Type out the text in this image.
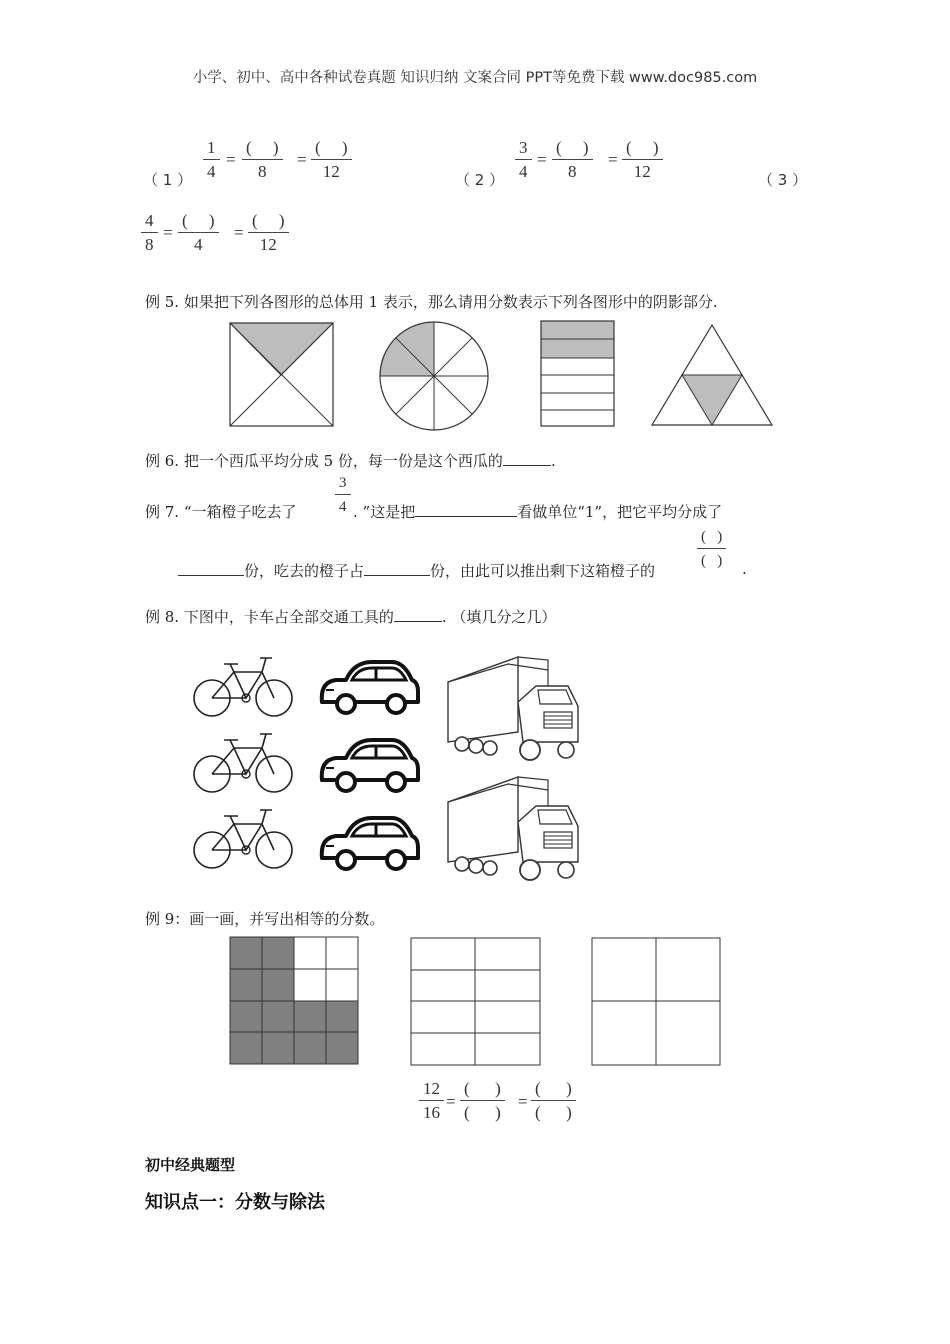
小学、初中、高中各种试卷真题 知识归纳 文案合同 PPT等免费下载 www.doc985.com
（ 1 ） $\frac{1}{4}$ =
(     )
8
=
(     )
12	（ 2 ） $\frac{3}{4}$ =
(     )
8
=
(     )
12	（ 3 ）
$\frac{4}{8}$ =
(     )
4
=
(     )
12
例 5. 如果把下列各图形的总体用 1 表示，那么请用分数表示下列各图形中的阴影部分.
例 6. 把一个西瓜平均分成 5 份，每一份是这个西瓜的	.
例 7. “一箱橙子吃去了	$\frac{3}{4}$ . ”这是把	看做单位“1”，把它平均分成了
份，吃去的橙子占	份，由此可以推出剩下这箱橙子的
(   )
(   ) .
例 8. 下图中，卡车占全部交通工具的	. （填几分之几）
例 9：画一画，并写出相等的分数。
$\frac{12}{16}$ =
(      )
(      )
=
(      )
(      )
初中经典题型
知识点一：分数与除法
